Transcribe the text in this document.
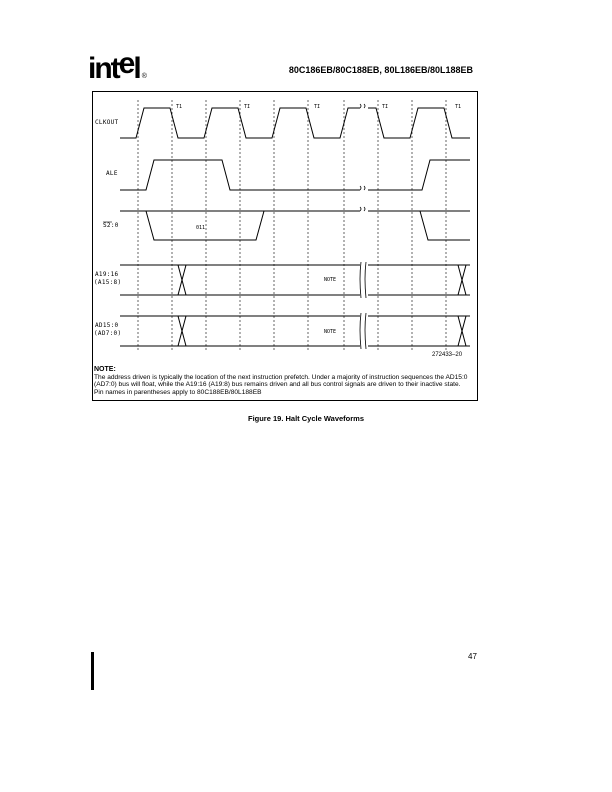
intel ®
80C186EB/80C188EB, 80L186EB/80L188EB
T1	TI	TI	TI	T1
011
NOTE
NOTE
CLKOUT
ALE
S2:0
A19:16
(A15:8)
AD15:0
(AD7:0)
272433–20
NOTE:
The address driven is typically the location of the next instruction prefetch. Under a majority of instruction sequences the AD15:0 (AD7:0) bus will float, while the A19:16 (A19:8) bus remains driven and all bus control signals are driven to their inactive state.
Pin names in parentheses apply to 80C188EB/80L188EB
Figure 19. Halt Cycle Waveforms
47
